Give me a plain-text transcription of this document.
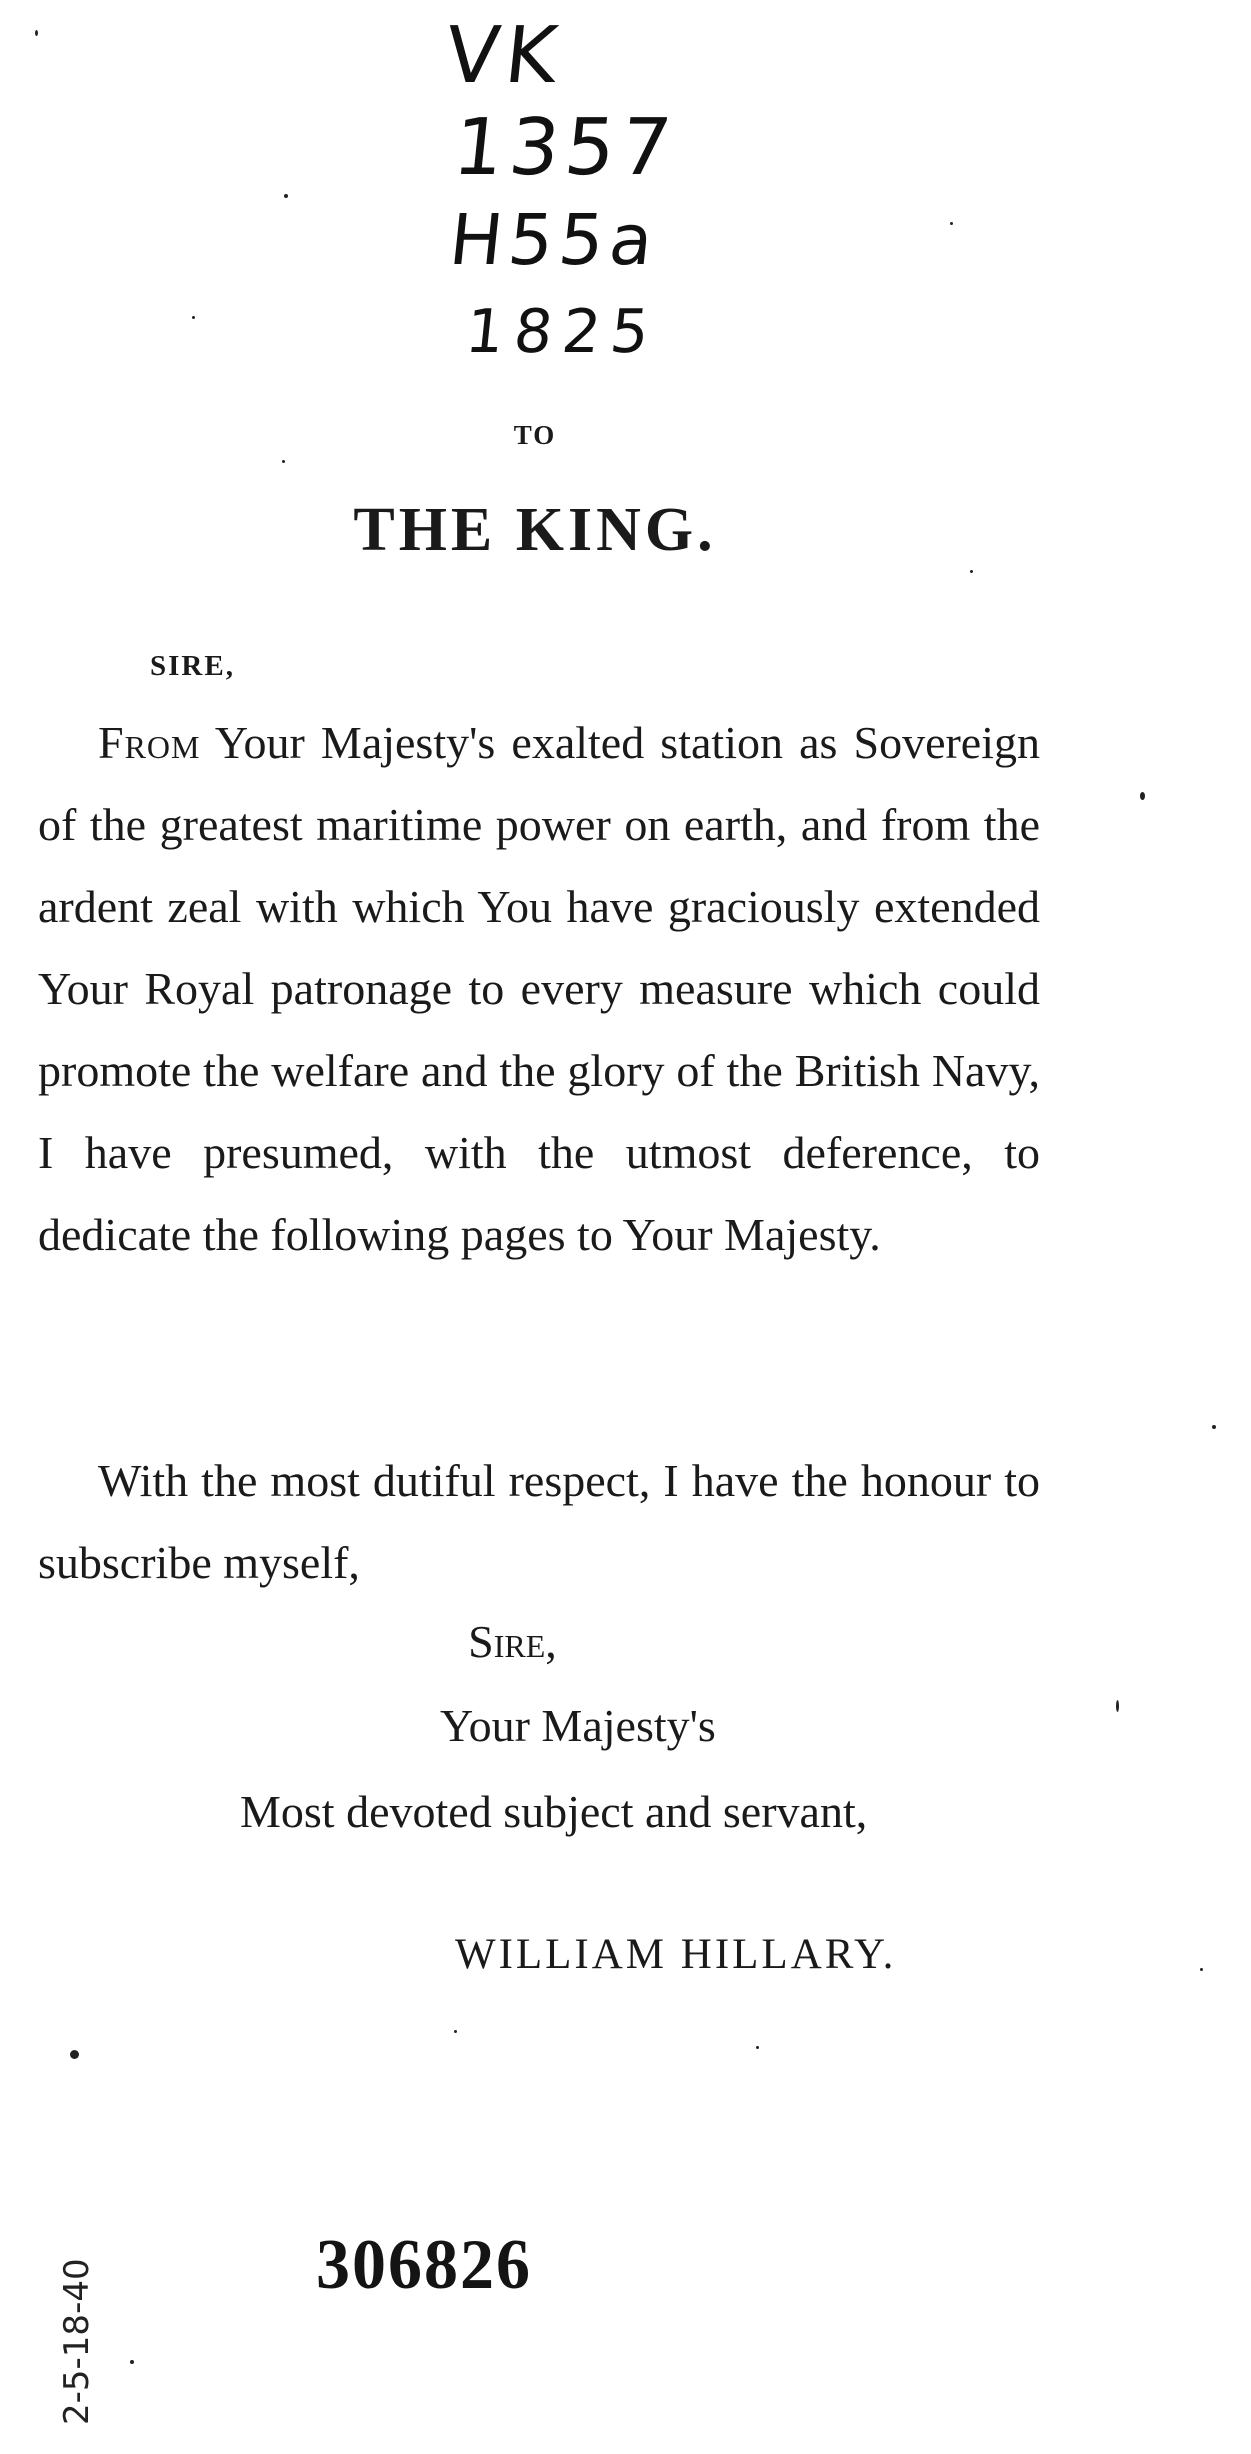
VK
1357
H55a
1825
TO
THE KING.
SIRE,
From Your Majesty's exalted station as Sovereign of the greatest maritime power on earth, and from the ardent zeal with which You have graciously extended Your Royal patronage to every measure which could promote the welfare and the glory of the British Navy, I have presumed, with the utmost deference, to dedicate the following pages to Your Majesty.
With the most dutiful respect, I have the honour to subscribe myself,
Sire,
Your Majesty's
Most devoted subject and servant,
WILLIAM HILLARY.
306826
2-5-18-40
